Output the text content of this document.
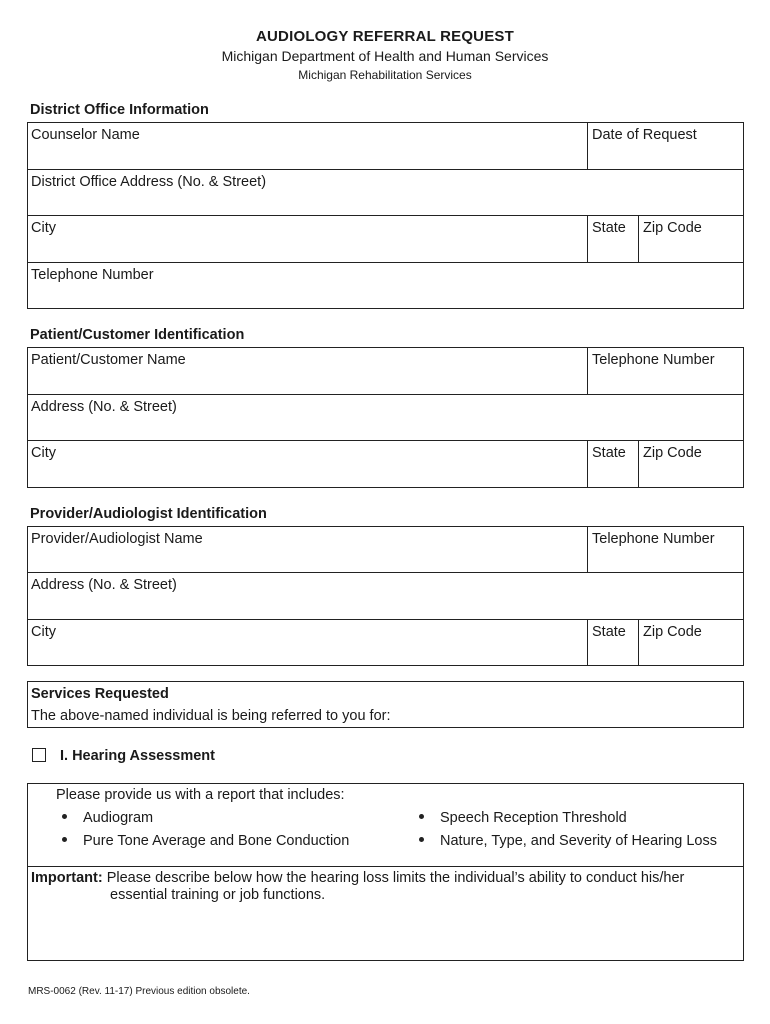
AUDIOLOGY REFERRAL REQUEST
Michigan Department of Health and Human Services
Michigan Rehabilitation Services
District Office Information
Counselor Name	Date of Request
District Office Address (No. & Street)
City	State Zip Code
Telephone Number
Patient/Customer Identification
Patient/Customer Name	Telephone Number
Address (No. & Street)
City	State Zip Code
Provider/Audiologist Identification
Provider/Audiologist Name	Telephone Number
Address (No. & Street)
City	State Zip Code
Services Requested
The above-named individual is being referred to you for:
I. Hearing Assessment
Please provide us with a report that includes:
Audiogram
Pure Tone Average and Bone Conduction
Speech Reception Threshold
Nature, Type, and Severity of Hearing Loss
Important: Please describe below how the hearing loss limits the individual’s ability to conduct his/her
essential training or job functions.
MRS-0062 (Rev. 11-17) Previous edition obsolete.
